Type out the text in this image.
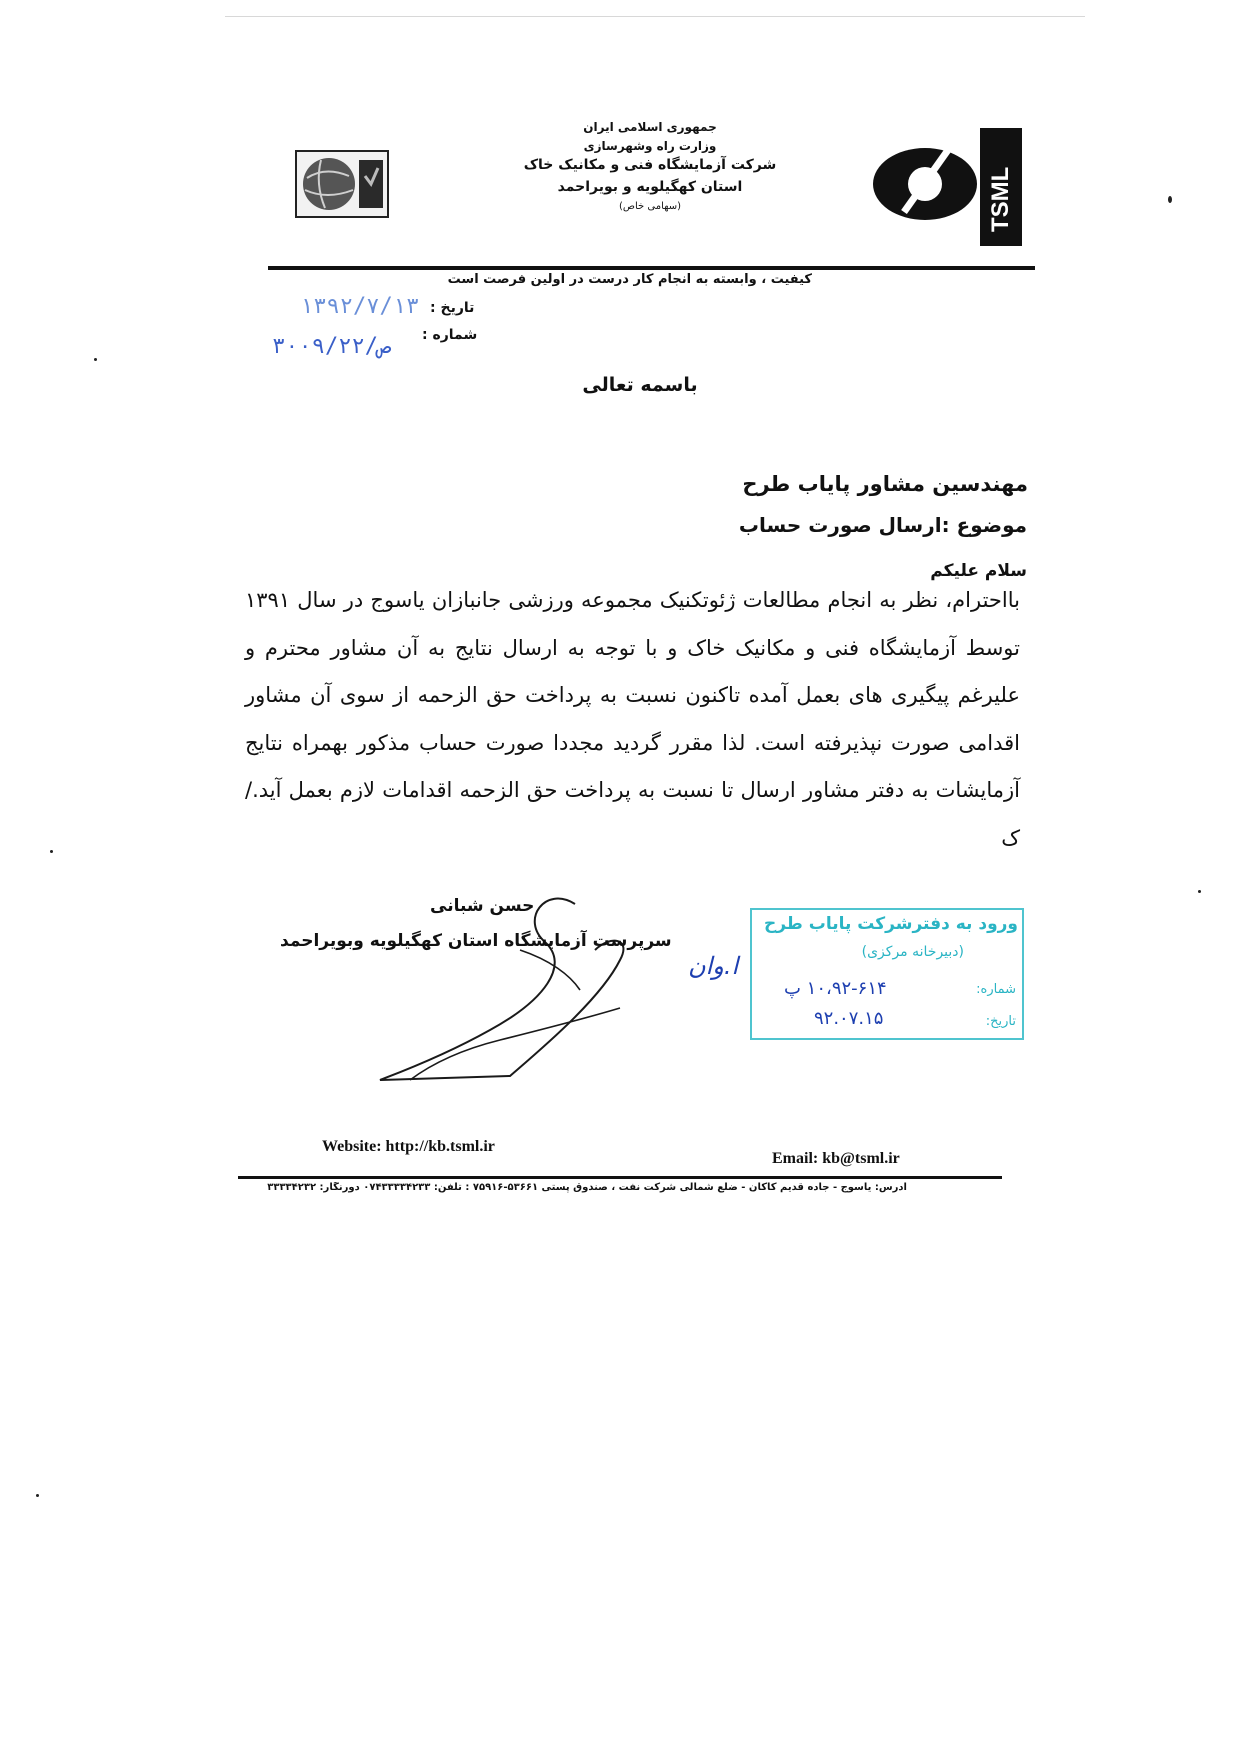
جمهوری اسلامی ایران
وزارت راه وشهرسازی
شرکت آزمایشگاه فنی و مکانیک خاک
استان کهگیلویه و بویراحمد
(سهامی خاص)	TSML
کیفیت ، وابسته به انجام کار درست در اولین فرصت است
تاریخ :
شماره :
۱۳۹۲/۷/۱۳
۳۰۰۹/ص/۲۲
باسمه تعالی
مهندسین مشاور پایاب طرح
موضوع :ارسال صورت حساب
سلام علیکم
بااحترام، نظر به انجام مطالعات ژئوتکنیک مجموعه ورزشی جانبازان یاسوج در سال ۱۳۹۱ توسط آزمایشگاه فنی و مکانیک خاک و با توجه به ارسال نتایج به آن مشاور محترم و علیرغم پیگیری های بعمل آمده تاکنون نسبت به پرداخت حق الزحمه از سوی آن مشاور اقدامی صورت نپذیرفته است. لذا مقرر گردید مجددا صورت حساب مذکور بهمراه نتایج آزمایشات به دفتر مشاور ارسال تا نسبت به پرداخت حق الزحمه اقدامات لازم بعمل آید./ک
حسن شبانی
سرپرست آزمایشگاه استان کهگیلویه وبویراحمد
ا.وان
ورود به دفترشرکت پایاب طرح
(دبیرخانه مرکزی)
شماره:
تاریخ:
۱۰،۹۲-۶۱۴ پ
۹۲.۰۷.۱۵
Website: http://kb.tsml.ir
Email: kb@tsml.ir
آدرس: یاسوج - جاده قدیم کاکان - ضلع شمالی شرکت نفت ، صندوق پستی ۵۳۶۶۱-۷۵۹۱۶ : تلفن: ۰۷۴۳۳۳۳۴۲۳۳ دورنگار: ۳۳۳۳۴۲۳۲
